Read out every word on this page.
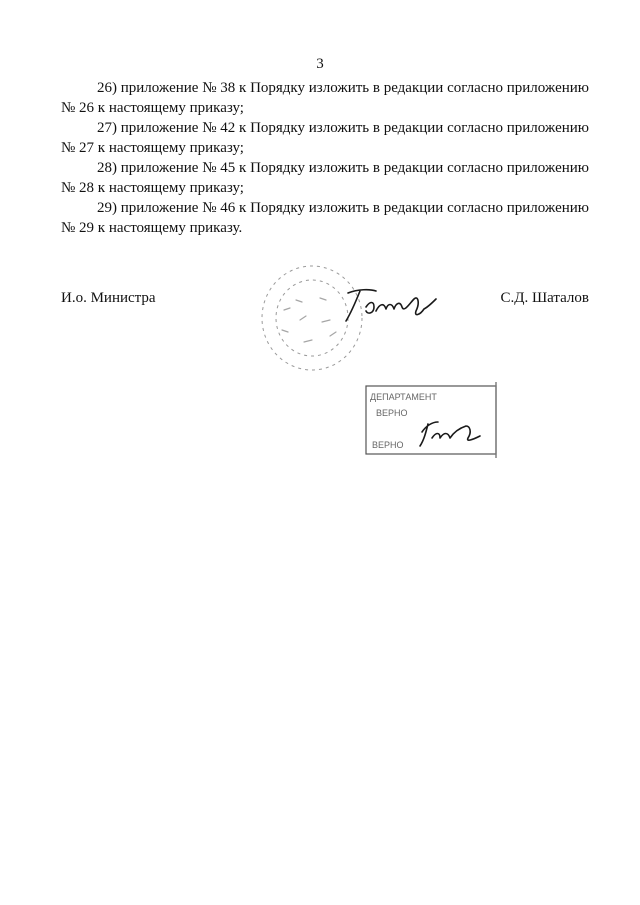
3
26) приложение № 38 к Порядку изложить в редакции согласно приложению
№ 26 к настоящему приказу;
27) приложение № 42 к Порядку изложить в редакции согласно приложению
№ 27 к настоящему приказу;
28) приложение № 45 к Порядку изложить в редакции согласно приложению
№ 28 к настоящему приказу;
29) приложение № 46 к Порядку изложить в редакции согласно приложению
№ 29 к настоящему приказу.
ДЕПАРТАМЕНТ
ВЕРНО
ВЕРНО
И.о. Министра	С.Д. Шаталов
